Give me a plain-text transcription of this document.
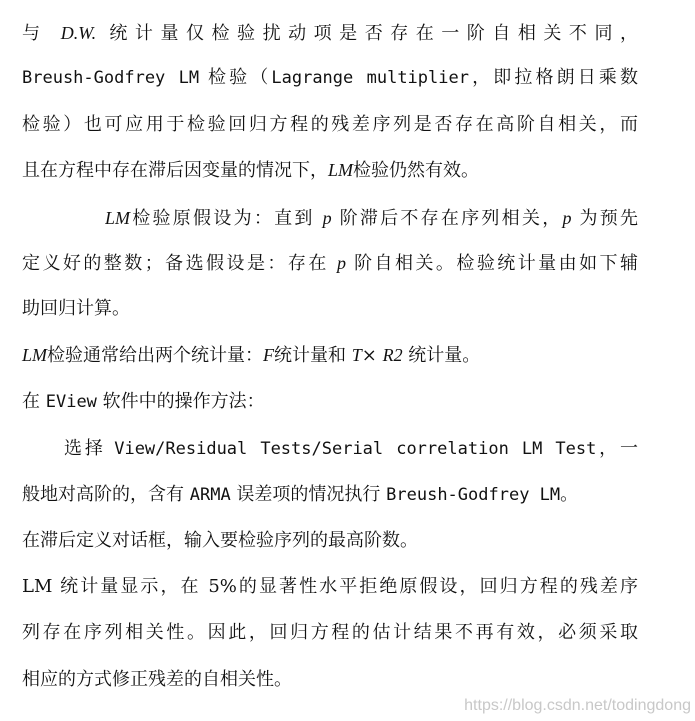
与 D.W. 统计量仅检验扰动项是否存在一阶自相关不同，
Breush-Godfrey LM 检验（Lagrange multiplier，即拉格朗日乘数
检验）也可应用于检验回归方程的残差序列是否存在高阶自相关，而
且在方程中存在滞后因变量的情况下，LM检验仍然有效。
LM检验原假设为：直到 p 阶滞后不存在序列相关，p 为预先
定义好的整数；备选假设是：存在 p 阶自相关。检验统计量由如下辅
助回归计算。
LM检验通常给出两个统计量：F统计量和 T× R2 统计量。
在 EView 软件中的操作方法：
选择 View/Residual Tests/Serial correlation LM Test，一
般地对高阶的，含有 ARMA 误差项的情况执行 Breush-Godfrey LM。
在滞后定义对话框，输入要检验序列的最高阶数。
LM 统计量显示，在 5%的显著性水平拒绝原假设，回归方程的残差序
列存在序列相关性。因此，回归方程的估计结果不再有效，必须采取
相应的方式修正残差的自相关性。
https://blog.csdn.net/todingdong
